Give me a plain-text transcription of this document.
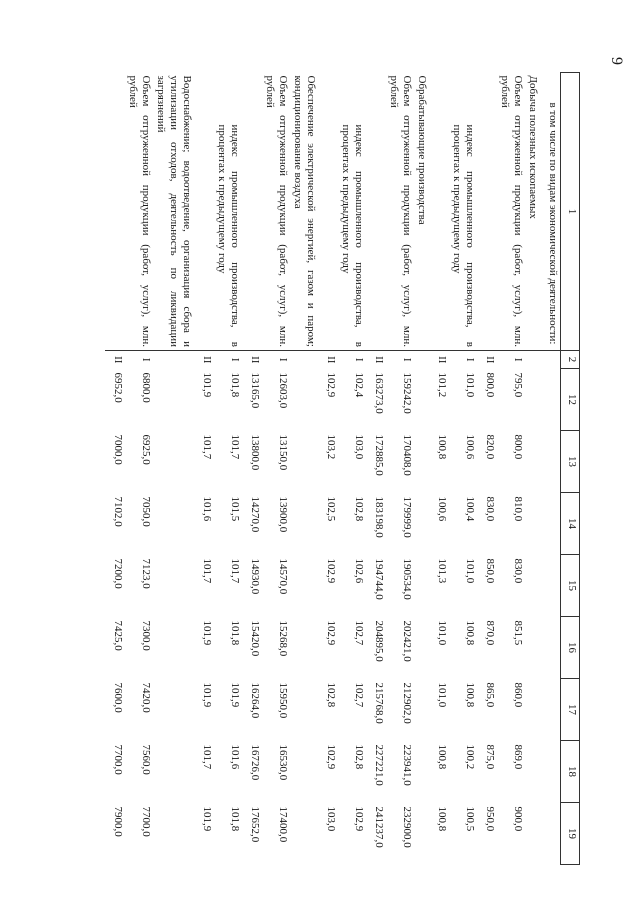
9
1	2	12	13	14	15	16	17	18	19
в том числе по видам экономической деятельности:									
Добыча полезных ископаемых									
Объем отгруженной продукции (работ, услуг), млн. рублей	I	795,0	800,0	810,0	830,0	851,5	860,0	869,0	900,0
	II	800,0	820,0	830,0	850,0	870,0	865,0	875,0	950,0
индекс промышленного производства, в процентах к предыдущему году	I	101,0	100,6	100,4	101,0	100,8	100,8	100,2	100,5
	II	101,2	100,8	100,6	101,3	101,0	101,0	100,8	100,8
Обрабатывающие производства									
Объем отгруженной продукции (работ, услуг), млн. рублей	I	159242,0	170408,0	179999,0	190534,0	202421,0	212902,0	223941,0	232900,0
	II	163273,0	172885,0	183198,0	194744,0	204895,0	215768,0	227221,0	241237,0
индекс промышленного производства, в процентах к предыдущему году	I	102,4	103,0	102,8	102,6	102,7	102,7	102,8	102,9
	II	102,9	103,2	102,5	102,9	102,9	102,8	102,9	103,0
Обеспечение электрической энергией, газом и паром; кондиционирование воздуха									
Объем отгруженной продукции (работ, услуг), млн. рублей	I	12603,0	13150,0	13900,0	14570,0	15268,0	15950,0	16530,0	17400,0
	II	13165,0	13800,0	14270,0	14930,0	15420,0	16264,0	16726,0	17652,0
индекс промышленного производства, в процентах к предыдущему году	I	101,8	101,7	101,5	101,7	101,8	101,9	101,6	101,8
	II	101,9	101,7	101,6	101,7	101,9	101,9	101,7	101,9
Водоснабжение; водоотведение, организация сбора и утилизации отходов, деятельность по ликвидации загрязнений									
Объем отгруженной продукции (работ, услуг), млн. рублей	I	6800,0	6925,0	7050,0	7123,0	7300,0	7420,0	7560,0	7700,0
	II	6952,0	7000,0	7102,0	7200,0	7425,0	7600,0	7700,0	7900,0
